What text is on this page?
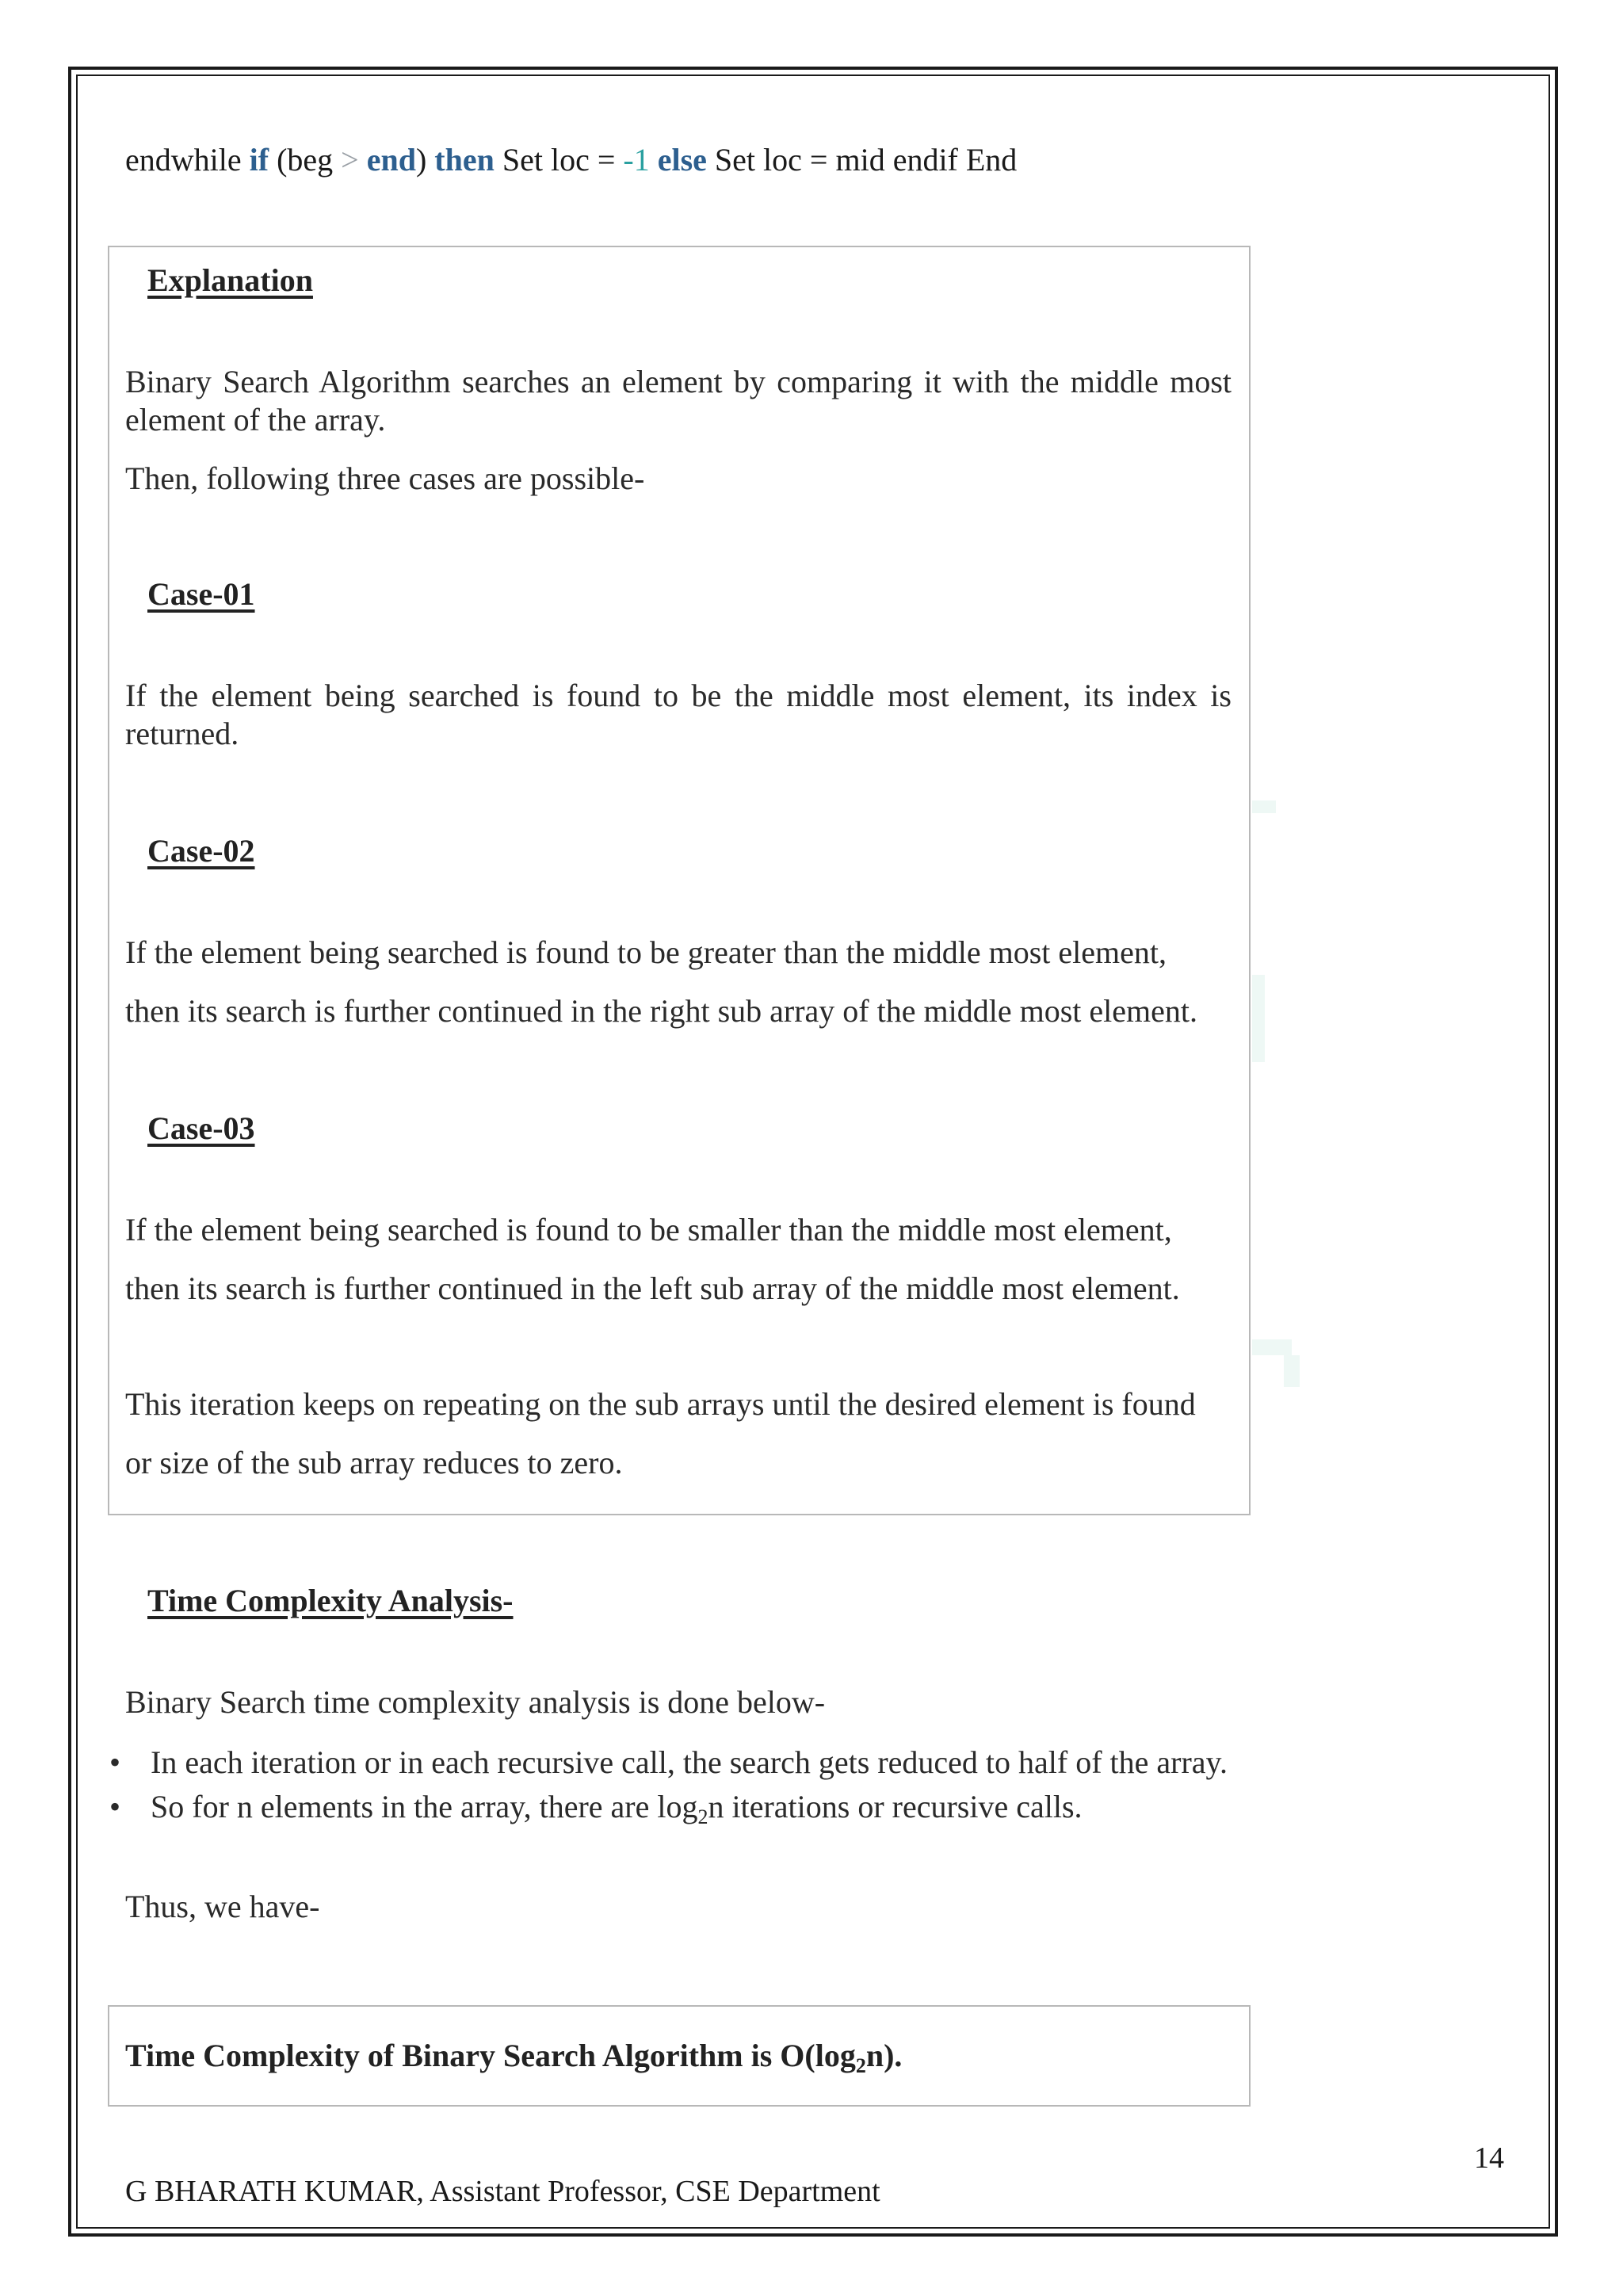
endwhile if (beg > end) then Set loc = -1 else Set loc = mid endif End
Explanation
Binary Search Algorithm searches an element by comparing it with the middle most element of the array.
Then, following three cases are possible-
Case-01
If the element being searched is found to be the middle most element, its index is returned.
Case-02
If the element being searched is found to be greater than the middle most element,
then its search is further continued in the right sub array of the middle most element.
Case-03
If the element being searched is found to be smaller than the middle most element,
then its search is further continued in the left sub array of the middle most element.
This iteration keeps on repeating on the sub arrays until the desired element is found
or size of the sub array reduces to zero.
Time Complexity Analysis-
Binary Search time complexity analysis is done below-
• In each iteration or in each recursive call, the search gets reduced to half of the array.
• So for n elements in the array, there are $\log_2n$ iterations or recursive calls.
Thus, we have-
Time Complexity of Binary Search Algorithm is $O(\log_2n)$.
14
G BHARATH KUMAR, Assistant Professor, CSE Department
